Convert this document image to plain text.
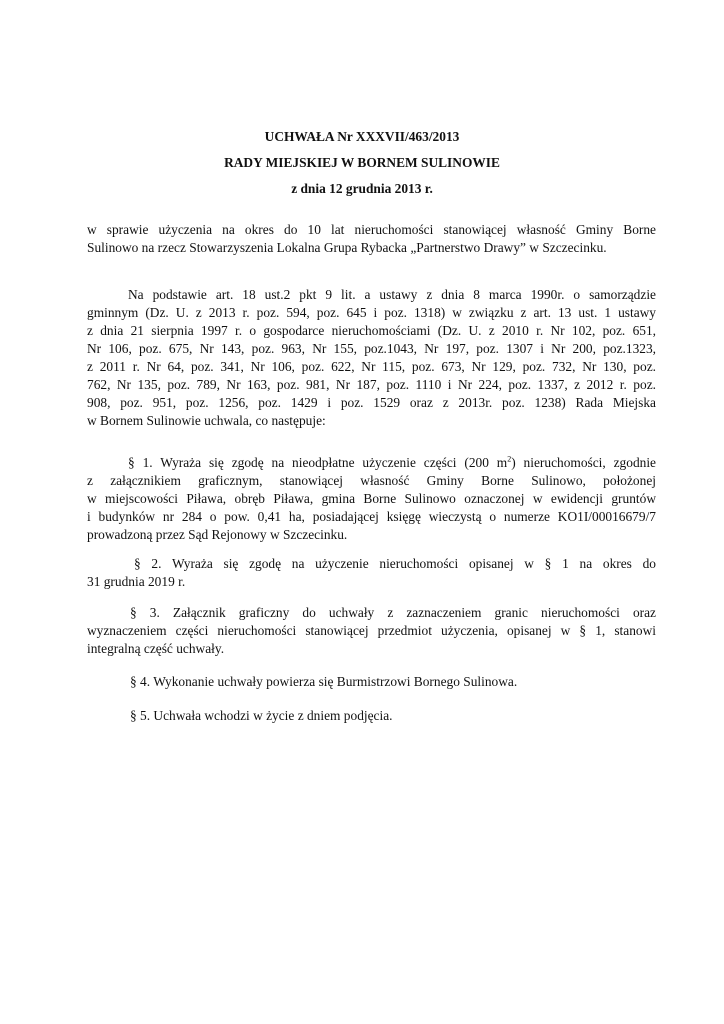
UCHWAŁA Nr XXXVII/463/2013
RADY MIEJSKIEJ W BORNEM SULINOWIE
z dnia 12 grudnia 2013 r.
w sprawie użyczenia na okres do 10 lat nieruchomości stanowiącej własność Gminy Borne
Sulinowo na rzecz Stowarzyszenia Lokalna Grupa Rybacka „Partnerstwo Drawy” w Szczecinku.
Na podstawie art. 18 ust.2 pkt 9 lit. a ustawy z dnia 8 marca 1990r. o samorządzie
gminnym (Dz. U. z 2013 r. poz. 594, poz. 645 i poz. 1318) w związku z art. 13 ust. 1 ustawy
z dnia 21 sierpnia 1997 r. o gospodarce nieruchomościami (Dz. U. z 2010 r. Nr 102, poz. 651,
Nr 106, poz. 675, Nr 143, poz. 963, Nr 155, poz.1043, Nr 197, poz. 1307 i Nr 200, poz.1323,
z 2011 r. Nr 64, poz. 341, Nr 106, poz. 622, Nr 115, poz. 673, Nr 129, poz. 732, Nr 130, poz.
762, Nr 135, poz. 789, Nr 163, poz. 981, Nr 187, poz. 1110 i Nr 224, poz. 1337, z 2012 r. poz.
908, poz. 951, poz. 1256, poz. 1429 i poz. 1529 oraz z 2013r. poz. 1238) Rada Miejska
w Bornem Sulinowie uchwala, co następuje:
§ 1. Wyraża się zgodę na nieodpłatne użyczenie części (200 $m^2$) nieruchomości, zgodnie
z załącznikiem graficznym, stanowiącej własność Gminy Borne Sulinowo, położonej
w miejscowości Piława, obręb Piława, gmina Borne Sulinowo oznaczonej w ewidencji gruntów
i budynków nr 284 o pow. 0,41 ha, posiadającej księgę wieczystą o numerze KO1I/00016679/7
prowadzoną przez Sąd Rejonowy w Szczecinku.
§ 2. Wyraża się zgodę na użyczenie nieruchomości opisanej w § 1 na okres do
31 grudnia 2019 r.
§ 3. Załącznik graficzny do uchwały z zaznaczeniem granic nieruchomości oraz
wyznaczeniem części nieruchomości stanowiącej przedmiot użyczenia, opisanej w § 1, stanowi
integralną część uchwały.
§ 4. Wykonanie uchwały powierza się Burmistrzowi Bornego Sulinowa.
§ 5. Uchwała wchodzi w życie z dniem podjęcia.
